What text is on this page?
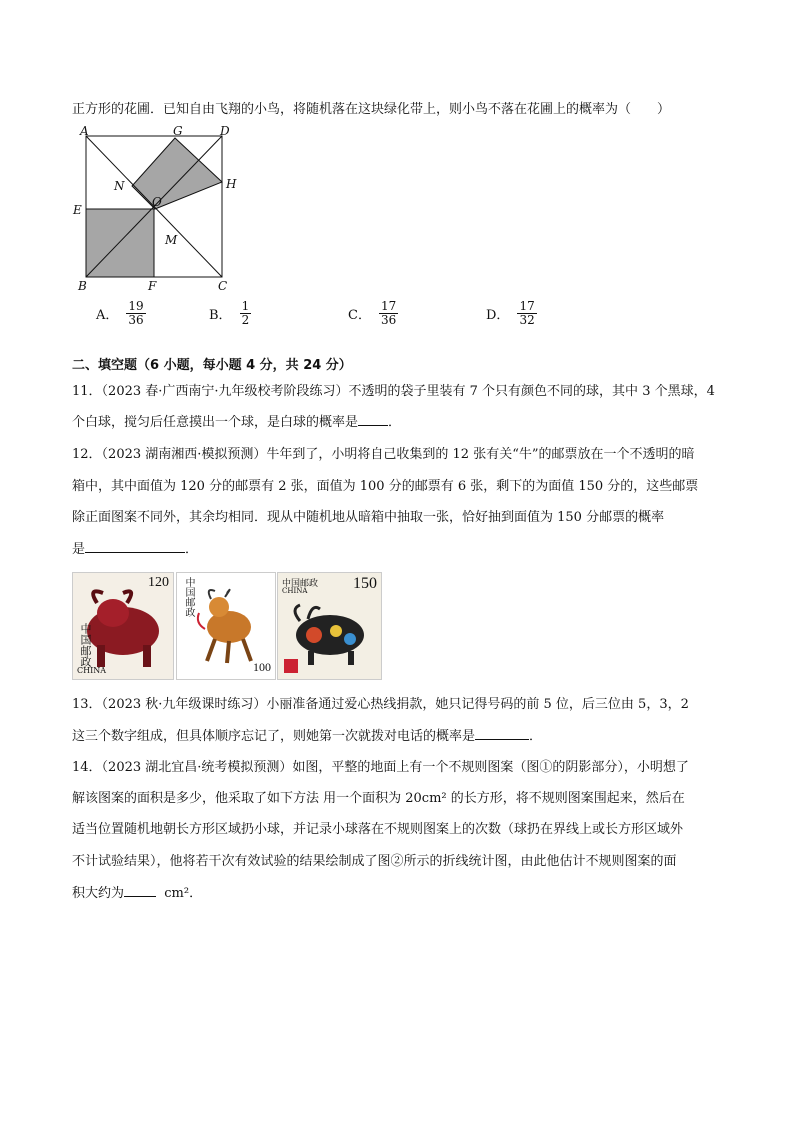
正方形的花圃．已知自由飞翔的小鸟，将随机落在这块绿化带上，则小鸟不落在花圃上的概率为（　　）
A	G	D
N	H
E
O
M
B	F	C
A． $\frac{19}{36}$	B． $\frac{1}{2}$	C． $\frac{17}{36}$	D． $\frac{17}{32}$
二、填空题（6 小题，每小题 4 分，共 24 分）
11．（2023 春·广西南宁·九年级校考阶段练习）不透明的袋子里装有 7 个只有颜色不同的球，其中 3 个黑球，4
个白球，搅匀后任意摸出一个球，是白球的概率是 ．
12．（2023 湖南湘西·模拟预测）牛年到了，小明将自己收集到的 12 张有关“牛”的邮票放在一个不透明的暗
箱中，其中面值为 120 分的邮票有 2 张，面值为 100 分的邮票有 6 张，剩下的为面值 150 分的，这些邮票
除正面图案不同外，其余均相同．现从中随机地从暗箱中抽取一张，恰好抽到面值为 150 分邮票的概率
是	．
120
中国邮政
CHINA
中国邮政
100
中国邮政
CHINA	150
13．（2023 秋·九年级课时练习）小丽准备通过爱心热线捐款，她只记得号码的前 5 位，后三位由 5，3，2
这三个数字组成，但具体顺序忘记了，则她第一次就拨对电话的概率是	．
14．（2023 湖北宜昌·统考模拟预测）如图，平整的地面上有一个不规则图案（图①的阴影部分），小明想了
解该图案的面积是多少，他采取了如下方法 用一个面积为 20cm² 的长方形，将不规则图案围起来，然后在
适当位置随机地朝长方形区域扔小球，并记录小球落在不规则图案上的次数（球扔在界线上或长方形区域外
不计试验结果），他将若干次有效试验的结果绘制成了图②所示的折线统计图，由此他估计不规则图案的面
积大约为	cm²．
